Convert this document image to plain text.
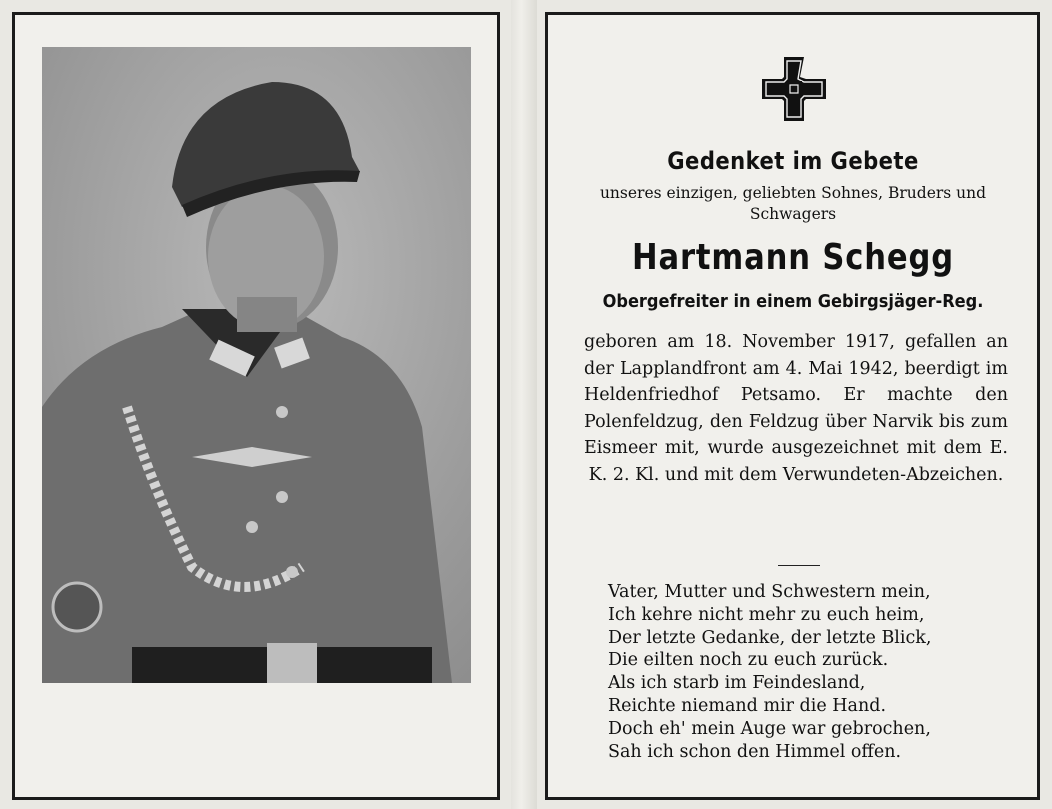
Gedenket im Gebete
unseres einzigen, geliebten Sohnes, Bruders und Schwagers
Hartmann Schegg
Obergefreiter in einem Gebirgsjäger-Reg.

geboren am 18. November 1917, gefallen an der Lapplandfront am 4. Mai 1942, beerdigt im Heldenfriedhof Petsamo. Er machte den Polenfeldzug, den Feldzug über Narvik bis zum Eismeer mit, wurde ausgezeichnet mit dem E. K. 2. Kl. und mit dem Verwundeten-Abzeichen.

Vater, Mutter und Schwestern mein,
Ich kehre nicht mehr zu euch heim,
Der letzte Gedanke, der letzte Blick,
Die eilten noch zu euch zurück.
Als ich starb im Feindesland,
Reichte niemand mir die Hand.
Doch eh' mein Auge war gebrochen,
Sah ich schon den Himmel offen.
